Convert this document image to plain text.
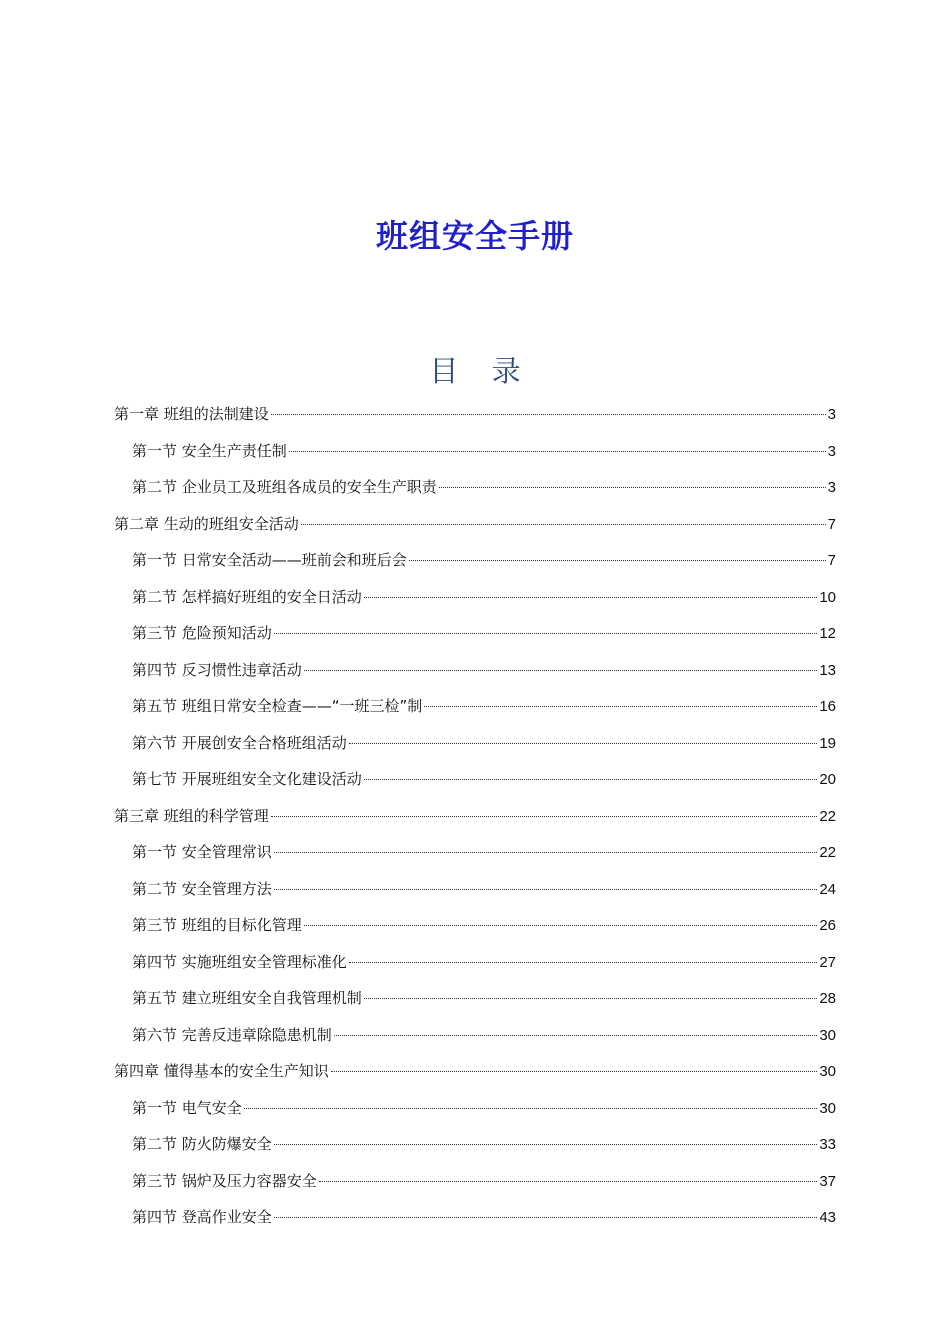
班组安全手册
目 录
第一章 班组的法制建设	3
第一节 安全生产责任制	3
第二节 企业员工及班组各成员的安全生产职责	3
第二章 生动的班组安全活动	7
第一节 日常安全活动——班前会和班后会	7
第二节 怎样搞好班组的安全日活动	10
第三节 危险预知活动	12
第四节 反习惯性违章活动	13
第五节 班组日常安全检查——“一班三检”制	16
第六节 开展创安全合格班组活动	19
第七节 开展班组安全文化建设活动	20
第三章 班组的科学管理	22
第一节 安全管理常识	22
第二节 安全管理方法	24
第三节 班组的目标化管理	26
第四节 实施班组安全管理标准化	27
第五节 建立班组安全自我管理机制	28
第六节 完善反违章除隐患机制	30
第四章 懂得基本的安全生产知识	30
第一节 电气安全	30
第二节 防火防爆安全	33
第三节 锅炉及压力容器安全	37
第四节 登高作业安全	43
